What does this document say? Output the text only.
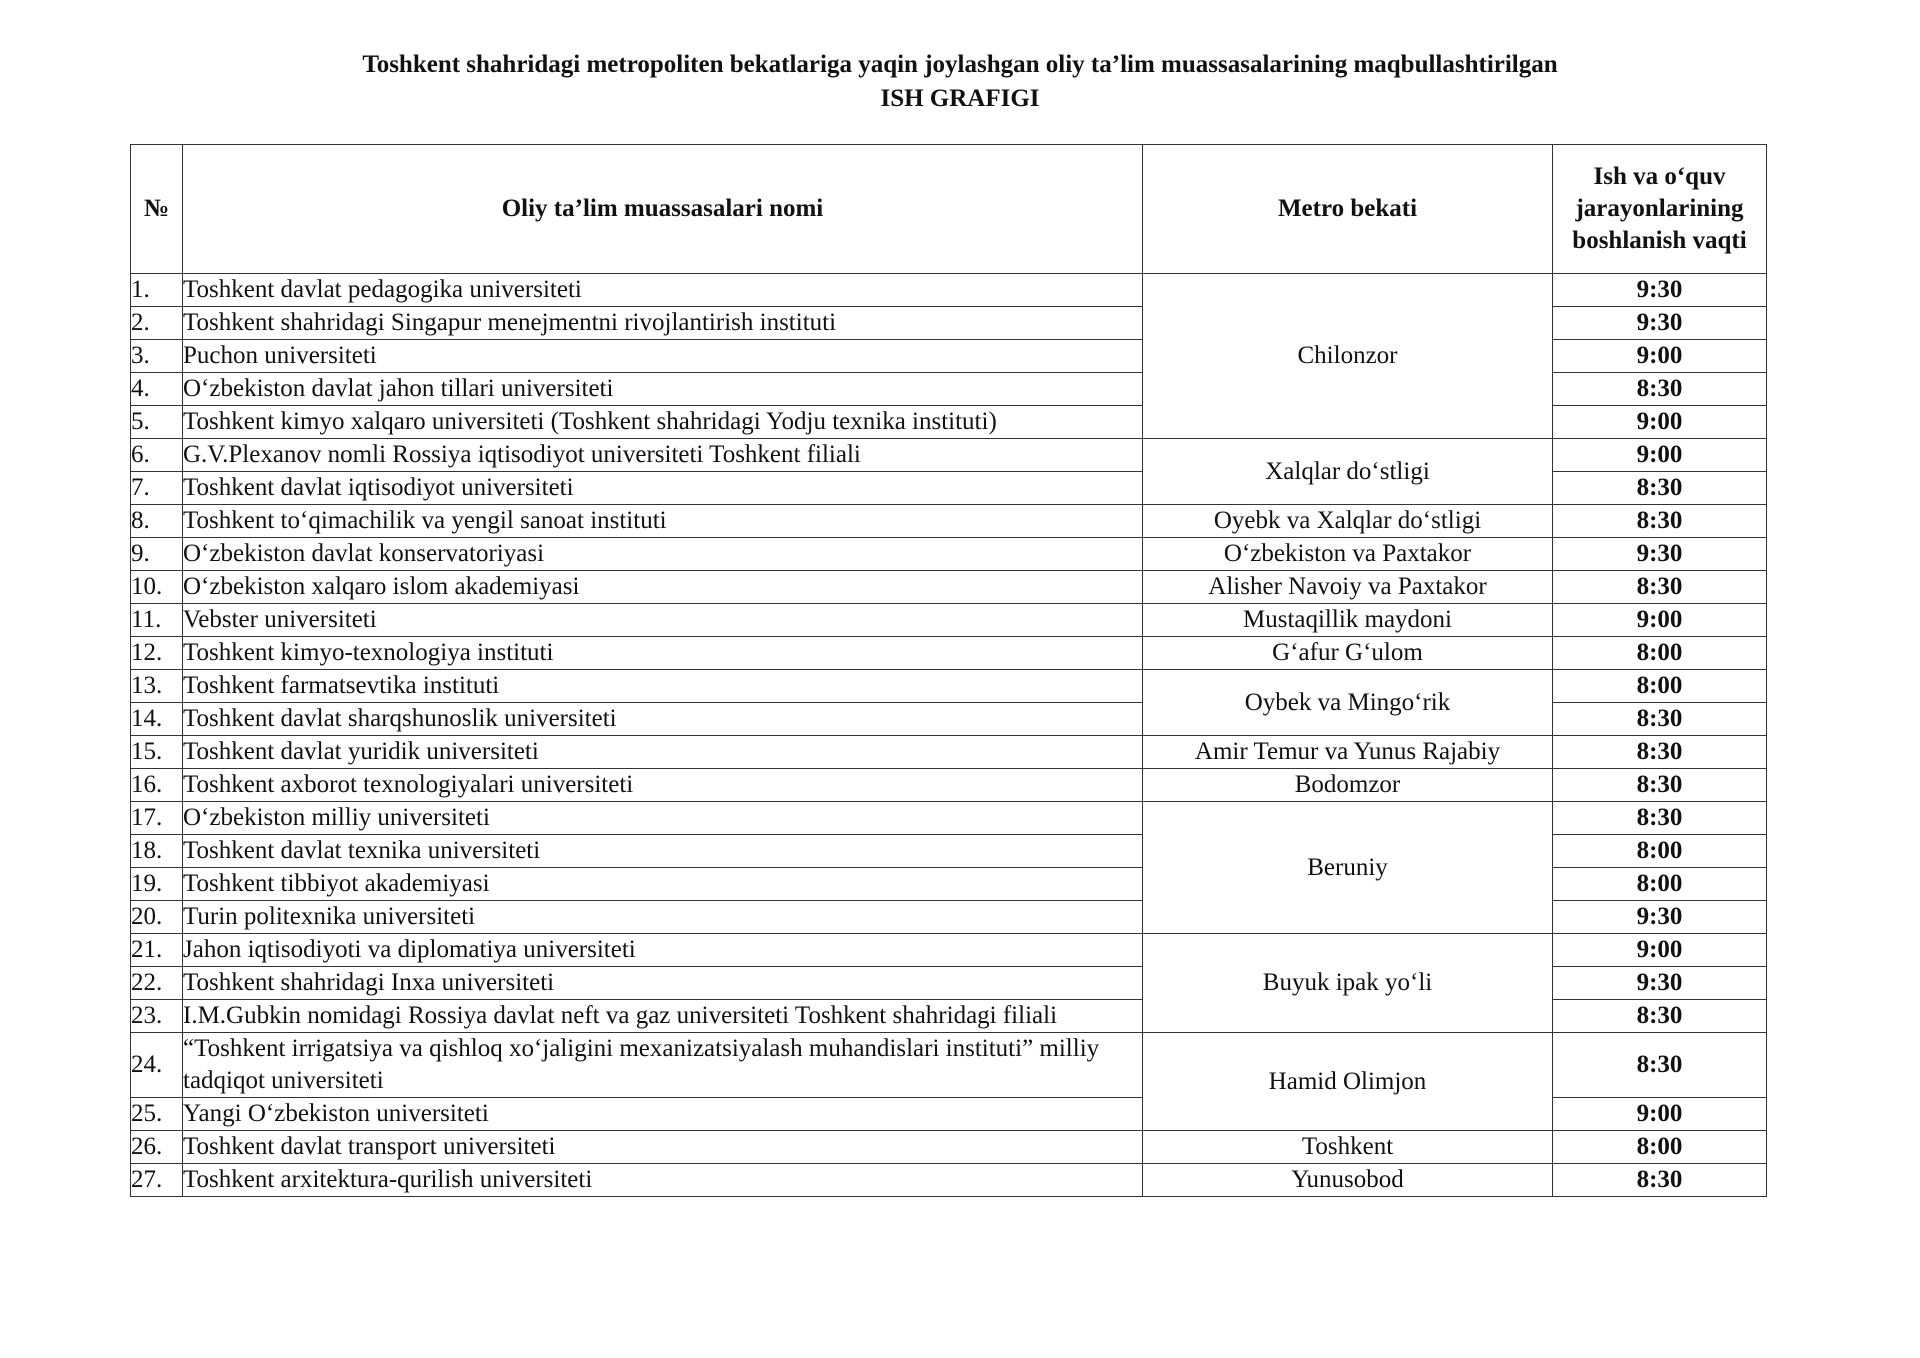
Toshkent shahridagi metropoliten bekatlariga yaqin joylashgan oliy ta’lim muassasalarining maqbullashtirilgan
ISH GRAFIGI
№	Oliy ta’lim muassasalari nomi	Metro bekati	Ish va o‘quv jarayonlarining boshlanish vaqti
1.	Toshkent davlat pedagogika universiteti	Chilonzor	9:30
2.	Toshkent shahridagi Singapur menejmentni rivojlantirish instituti		9:30
3.	Puchon universiteti		9:00
4.	O‘zbekiston davlat jahon tillari universiteti		8:30
5.	Toshkent kimyo xalqaro universiteti (Toshkent shahridagi Yodju texnika instituti)		9:00
6.	G.V.Plexanov nomli Rossiya iqtisodiyot universiteti Toshkent filiali	Xalqlar do‘stligi	9:00
7.	Toshkent davlat iqtisodiyot universiteti		8:30
8.	Toshkent to‘qimachilik va yengil sanoat instituti	Oyebk va Xalqlar do‘stligi	8:30
9.	O‘zbekiston davlat konservatoriyasi	O‘zbekiston va Paxtakor	9:30
10.	O‘zbekiston xalqaro islom akademiyasi	Alisher Navoiy va Paxtakor	8:30
11.	Vebster universiteti	Mustaqillik maydoni	9:00
12.	Toshkent kimyo-texnologiya instituti	G‘afur G‘ulom	8:00
13.	Toshkent farmatsevtika instituti	Oybek va Mingo‘rik	8:00
14.	Toshkent davlat sharqshunoslik universiteti		8:30
15.	Toshkent davlat yuridik universiteti	Amir Temur va Yunus Rajabiy	8:30
16.	Toshkent axborot texnologiyalari universiteti	Bodomzor	8:30
17.	O‘zbekiston milliy universiteti	Beruniy	8:30
18.	Toshkent davlat texnika universiteti		8:00
19.	Toshkent tibbiyot akademiyasi		8:00
20.	Turin politexnika universiteti		9:30
21.	Jahon iqtisodiyoti va diplomatiya universiteti	Buyuk ipak yo‘li	9:00
22.	Toshkent shahridagi Inxa universiteti		9:30
23.	I.M.Gubkin nomidagi Rossiya davlat neft va gaz universiteti Toshkent shahridagi filiali		8:30
24.	“Toshkent irrigatsiya va qishloq xo‘jaligini mexanizatsiyalash muhandislari instituti” milliy tadqiqot universiteti	Hamid Olimjon	8:30
25.	Yangi O‘zbekiston universiteti		9:00
26.	Toshkent davlat transport universiteti	Toshkent	8:00
27.	Toshkent arxitektura-qurilish universiteti	Yunusobod	8:30
